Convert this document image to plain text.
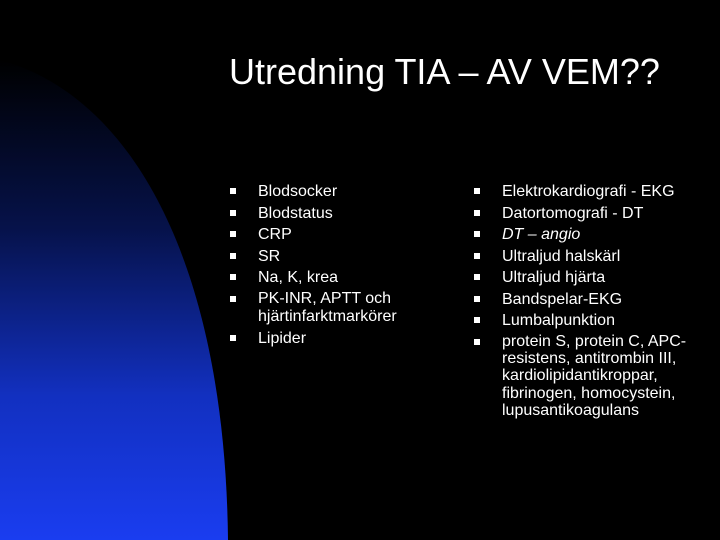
Utredning TIA – AV VEM??
Blodsocker
Blodstatus
CRP
SR
Na, K, krea
PK-INR, APTT och hjärtinfarktmarkörer
Lipider
Elektrokardiografi - EKG
Datortomografi - DT
DT – angio
Ultraljud halskärl
Ultraljud hjärta
Bandspelar-EKG
Lumbalpunktion
protein S, protein C, APC-resistens, antitrombin III, kardiolipidantikroppar, fibrinogen, homocystein, lupusantikoagulans
